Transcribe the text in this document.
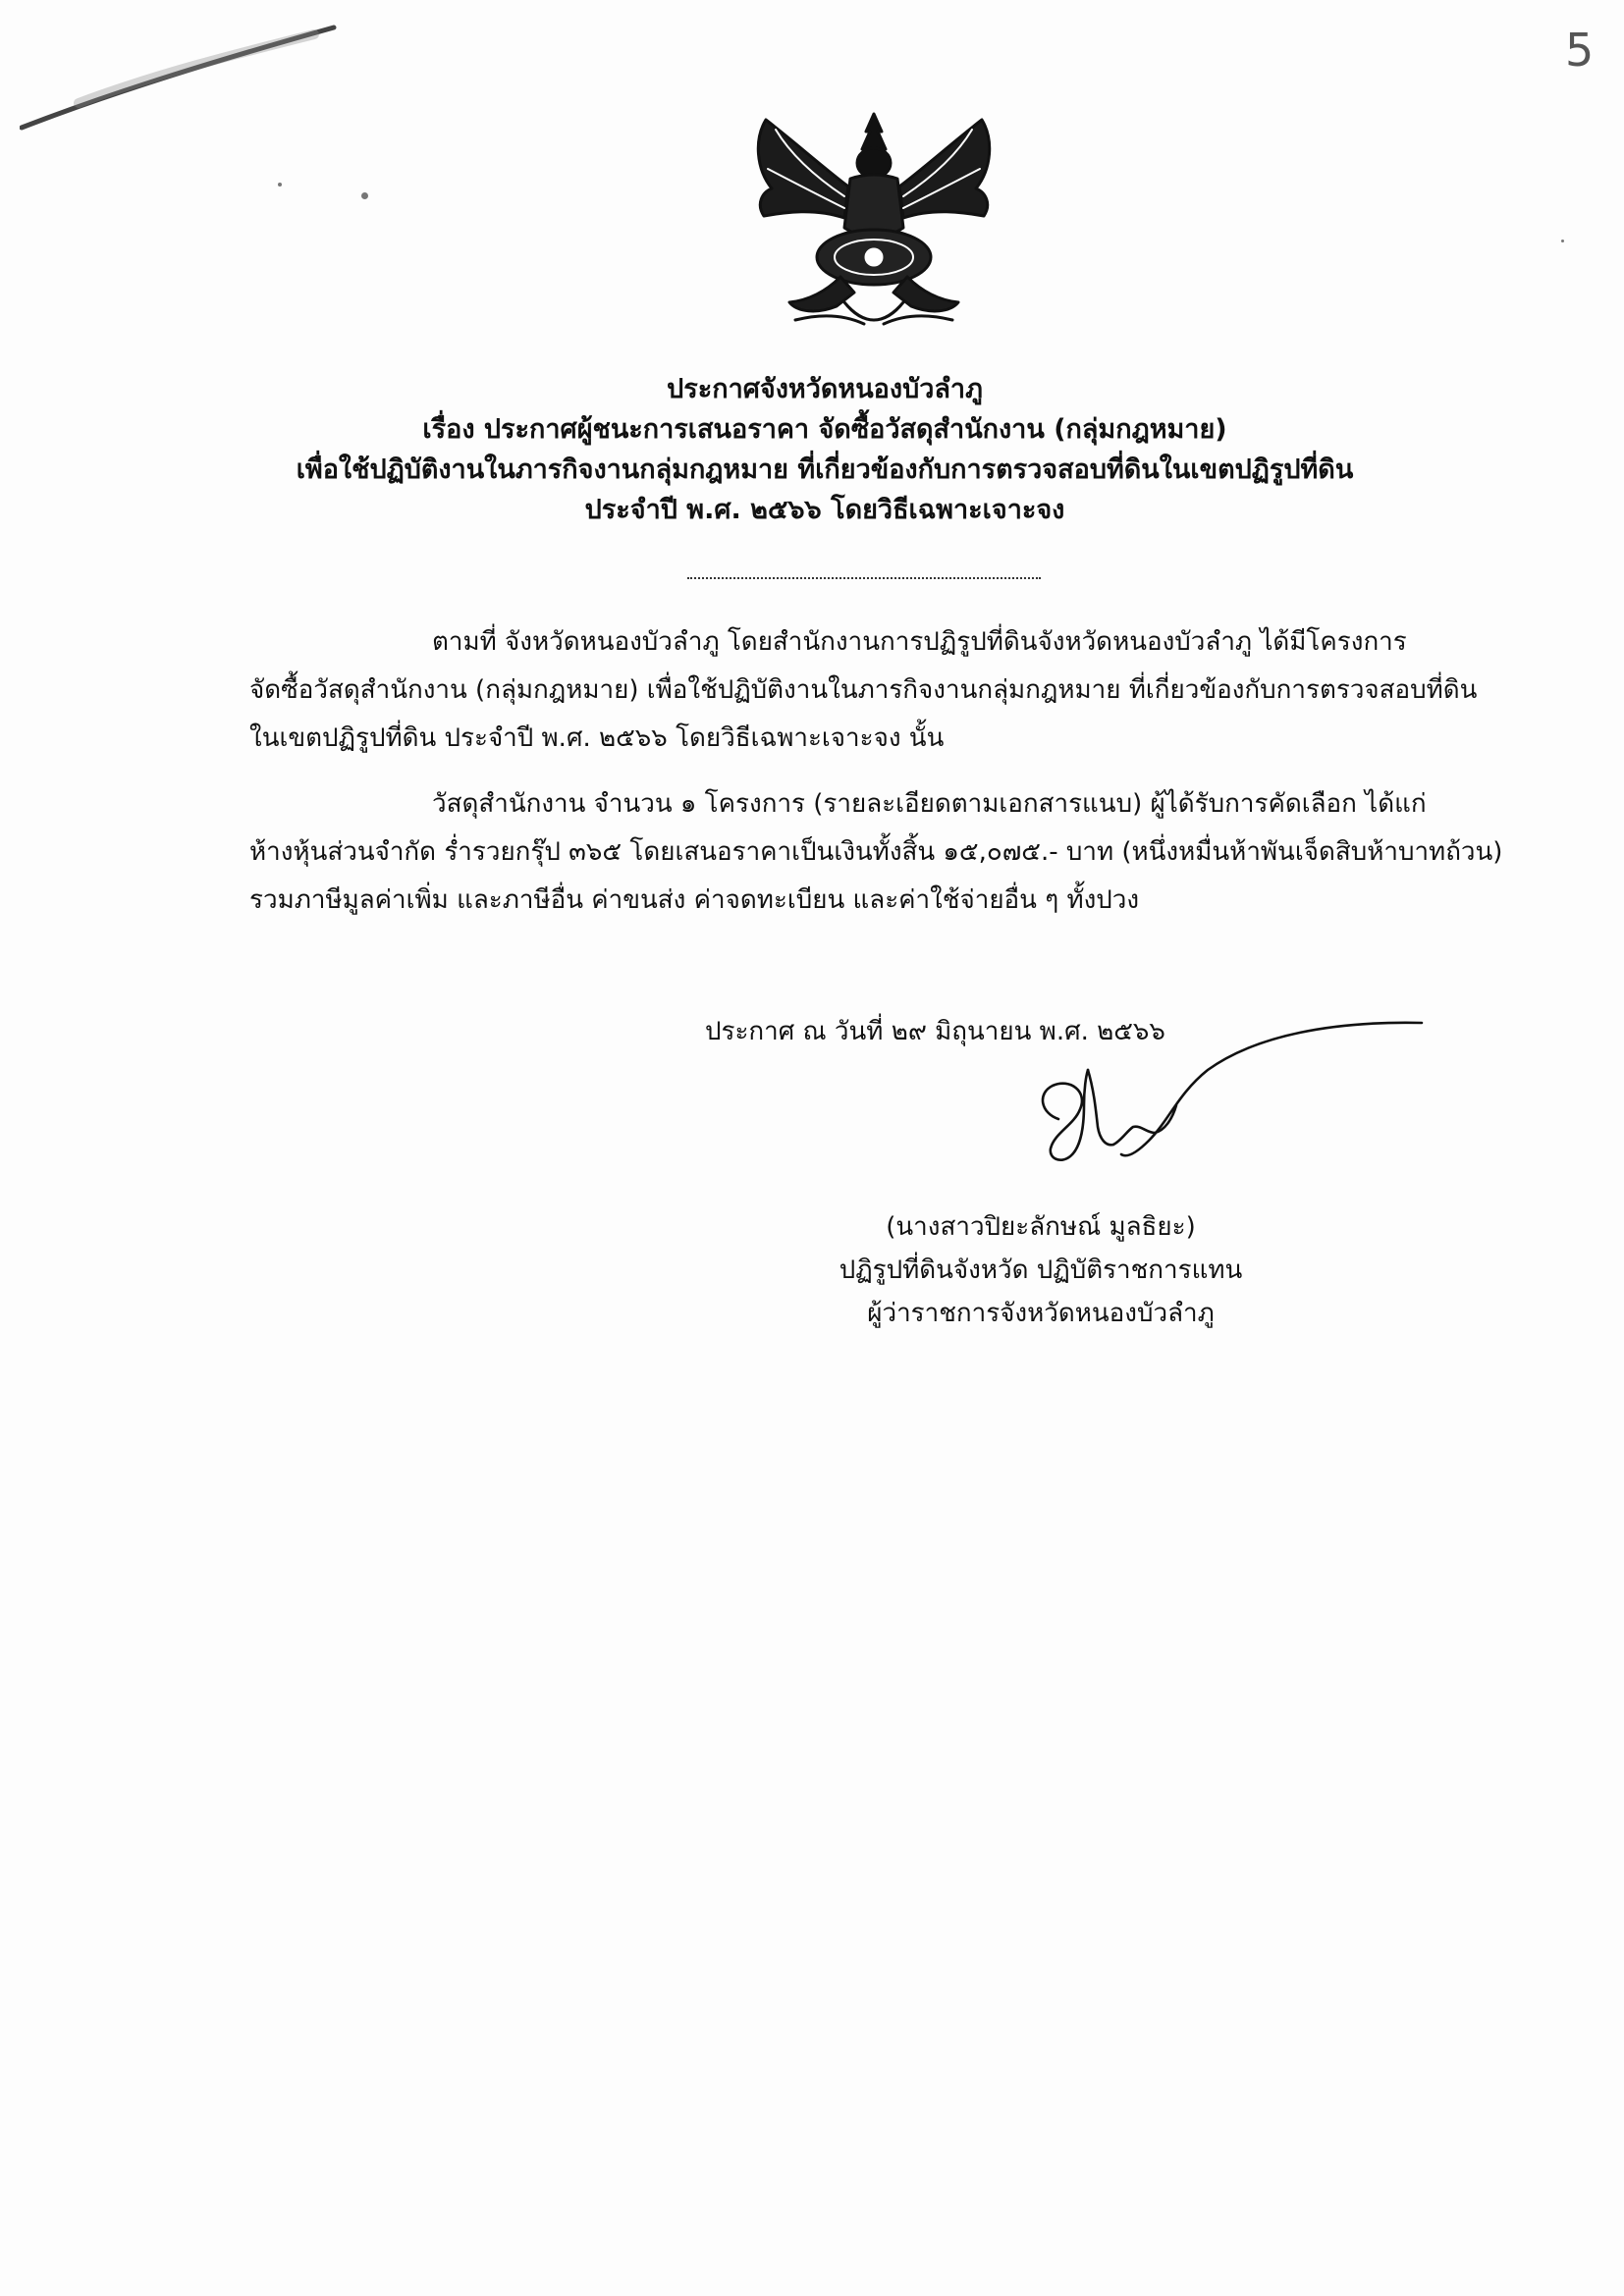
5
ประกาศจังหวัดหนองบัวลำภู
เรื่อง ประกาศผู้ชนะการเสนอราคา จัดซื้อวัสดุสำนักงาน (กลุ่มกฎหมาย)
เพื่อใช้ปฏิบัติงานในภารกิจงานกลุ่มกฎหมาย ที่เกี่ยวข้องกับการตรวจสอบที่ดินในเขตปฏิรูปที่ดิน
ประจำปี พ.ศ. ๒๕๖๖ โดยวิธีเฉพาะเจาะจง
ตามที่ จังหวัดหนองบัวลำภู โดยสำนักงานการปฏิรูปที่ดินจังหวัดหนองบัวลำภู ได้มีโครงการ
จัดซื้อวัสดุสำนักงาน (กลุ่มกฎหมาย) เพื่อใช้ปฏิบัติงานในภารกิจงานกลุ่มกฎหมาย ที่เกี่ยวข้องกับการตรวจสอบที่ดิน
ในเขตปฏิรูปที่ดิน ประจำปี พ.ศ. ๒๕๖๖ โดยวิธีเฉพาะเจาะจง นั้น
วัสดุสำนักงาน จำนวน ๑ โครงการ (รายละเอียดตามเอกสารแนบ) ผู้ได้รับการคัดเลือก ได้แก่
ห้างหุ้นส่วนจำกัด ร่ำรวยกรุ๊ป ๓๖๕ โดยเสนอราคาเป็นเงินทั้งสิ้น ๑๕,๐๗๕.- บาท (หนึ่งหมื่นห้าพันเจ็ดสิบห้าบาทถ้วน)
รวมภาษีมูลค่าเพิ่ม และภาษีอื่น ค่าขนส่ง ค่าจดทะเบียน และค่าใช้จ่ายอื่น ๆ ทั้งปวง
ประกาศ ณ วันที่ ๒๙ มิถุนายน พ.ศ. ๒๕๖๖
(นางสาวปิยะลักษณ์ มูลธิยะ)
ปฏิรูปที่ดินจังหวัด ปฏิบัติราชการแทน
ผู้ว่าราชการจังหวัดหนองบัวลำภู
